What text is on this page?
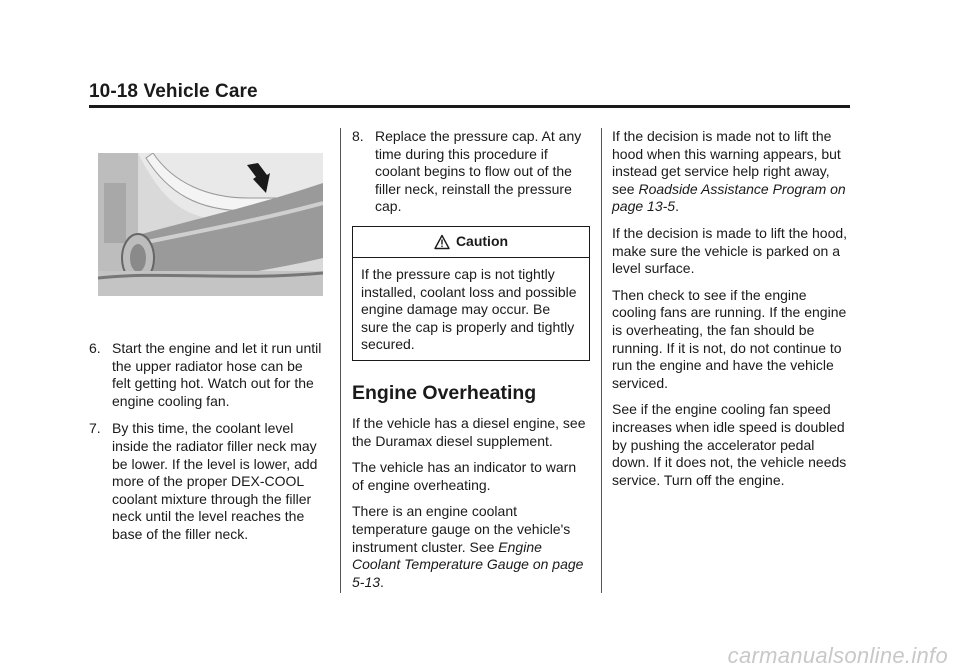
10-18 Vehicle Care
6. Start the engine and let it run until the upper radiator hose can be felt getting hot. Watch out for the engine cooling fan.
7. By this time, the coolant level inside the radiator filler neck may be lower. If the level is lower, add more of the proper DEX-COOL coolant mixture through the filler neck until the level reaches the base of the filler neck.
8. Replace the pressure cap. At any time during this procedure if coolant begins to flow out of the filler neck, reinstall the pressure cap.
Caution
If the pressure cap is not tightly installed, coolant loss and possible engine damage may occur. Be sure the cap is properly and tightly secured.
Engine Overheating

If the vehicle has a diesel engine, see the Duramax diesel supplement.

The vehicle has an indicator to warn of engine overheating.

There is an engine coolant temperature gauge on the vehicle's instrument cluster. See Engine Coolant Temperature Gauge on page 5-13.

If the decision is made not to lift the hood when this warning appears, but instead get service help right away, see Roadside Assistance Program on page 13-5.

If the decision is made to lift the hood, make sure the vehicle is parked on a level surface.

Then check to see if the engine cooling fans are running. If the engine is overheating, the fan should be running. If it is not, do not continue to run the engine and have the vehicle serviced.

See if the engine cooling fan speed increases when idle speed is doubled by pushing the accelerator pedal down. If it does not, the vehicle needs service. Turn off the engine.

carmanualsonline.info
